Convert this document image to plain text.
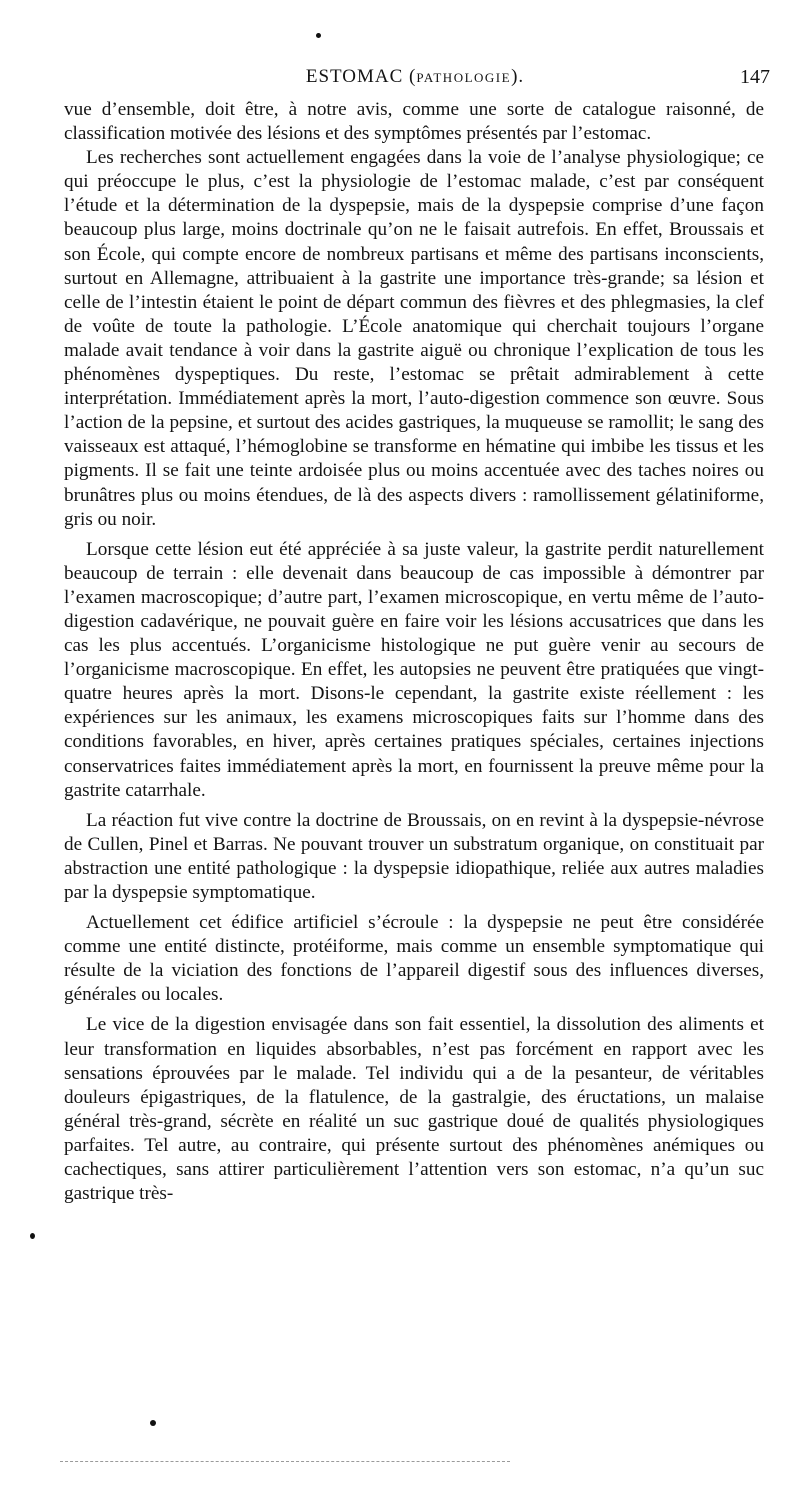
ESTOMAC (PATHOLOGIE).	147

vue d’ensemble, doit être, à notre avis, comme une sorte de catalogue raisonné, de classification motivée des lésions et des symptômes présentés par l’estomac.

Les recherches sont actuellement engagées dans la voie de l’analyse physiologique; ce qui préoccupe le plus, c’est la physiologie de l’estomac malade, c’est par conséquent l’étude et la détermination de la dyspepsie, mais de la dyspepsie comprise d’une façon beaucoup plus large, moins doctrinale qu’on ne le faisait autrefois. En effet, Broussais et son École, qui compte encore de nombreux partisans et même des partisans inconscients, surtout en Allemagne, attribuaient à la gastrite une importance très-grande; sa lésion et celle de l’intestin étaient le point de départ commun des fièvres et des phlegmasies, la clef de voûte de toute la pathologie. L’École anatomique qui cherchait toujours l’organe malade avait tendance à voir dans la gastrite aiguë ou chronique l’explication de tous les phénomènes dyspeptiques. Du reste, l’estomac se prêtait admirablement à cette interprétation. Immédiatement après la mort, l’auto-digestion commence son œuvre. Sous l’action de la pepsine, et surtout des acides gastriques, la muqueuse se ramollit; le sang des vaisseaux est attaqué, l’hémoglobine se transforme en hématine qui imbibe les tissus et les pigments. Il se fait une teinte ardoisée plus ou moins accentuée avec des taches noires ou brunâtres plus ou moins étendues, de là des aspects divers : ramollissement gélatiniforme, gris ou noir.

Lorsque cette lésion eut été appréciée à sa juste valeur, la gastrite perdit naturellement beaucoup de terrain : elle devenait dans beaucoup de cas impossible à démontrer par l’examen macroscopique; d’autre part, l’examen microscopique, en vertu même de l’auto-digestion cadavérique, ne pouvait guère en faire voir les lésions accusatrices que dans les cas les plus accentués. L’organicisme histologique ne put guère venir au secours de l’organicisme macroscopique. En effet, les autopsies ne peuvent être pratiquées que vingt-quatre heures après la mort. Disons-le cependant, la gastrite existe réellement : les expériences sur les animaux, les examens microscopiques faits sur l’homme dans des conditions favorables, en hiver, après certaines pratiques spéciales, certaines injections conservatrices faites immédiatement après la mort, en fournissent la preuve même pour la gastrite catarrhale.

La réaction fut vive contre la doctrine de Broussais, on en revint à la dyspepsie-névrose de Cullen, Pinel et Barras. Ne pouvant trouver un substratum organique, on constituait par abstraction une entité pathologique : la dyspepsie idiopathique, reliée aux autres maladies par la dyspepsie symptomatique.

Actuellement cet édifice artificiel s’écroule : la dyspepsie ne peut être considérée comme une entité distincte, protéiforme, mais comme un ensemble symptomatique qui résulte de la viciation des fonctions de l’appareil digestif sous des influences diverses, générales ou locales.

Le vice de la digestion envisagée dans son fait essentiel, la dissolution des aliments et leur transformation en liquides absorbables, n’est pas forcément en rapport avec les sensations éprouvées par le malade. Tel individu qui a de la pesanteur, de véritables douleurs épigastriques, de la flatulence, de la gastralgie, des éructations, un malaise général très-grand, sécrète en réalité un suc gastrique doué de qualités physiologiques parfaites. Tel autre, au contraire, qui présente surtout des phénomènes anémiques ou cachectiques, sans attirer particulièrement l’attention vers son estomac, n’a qu’un suc gastrique très-
